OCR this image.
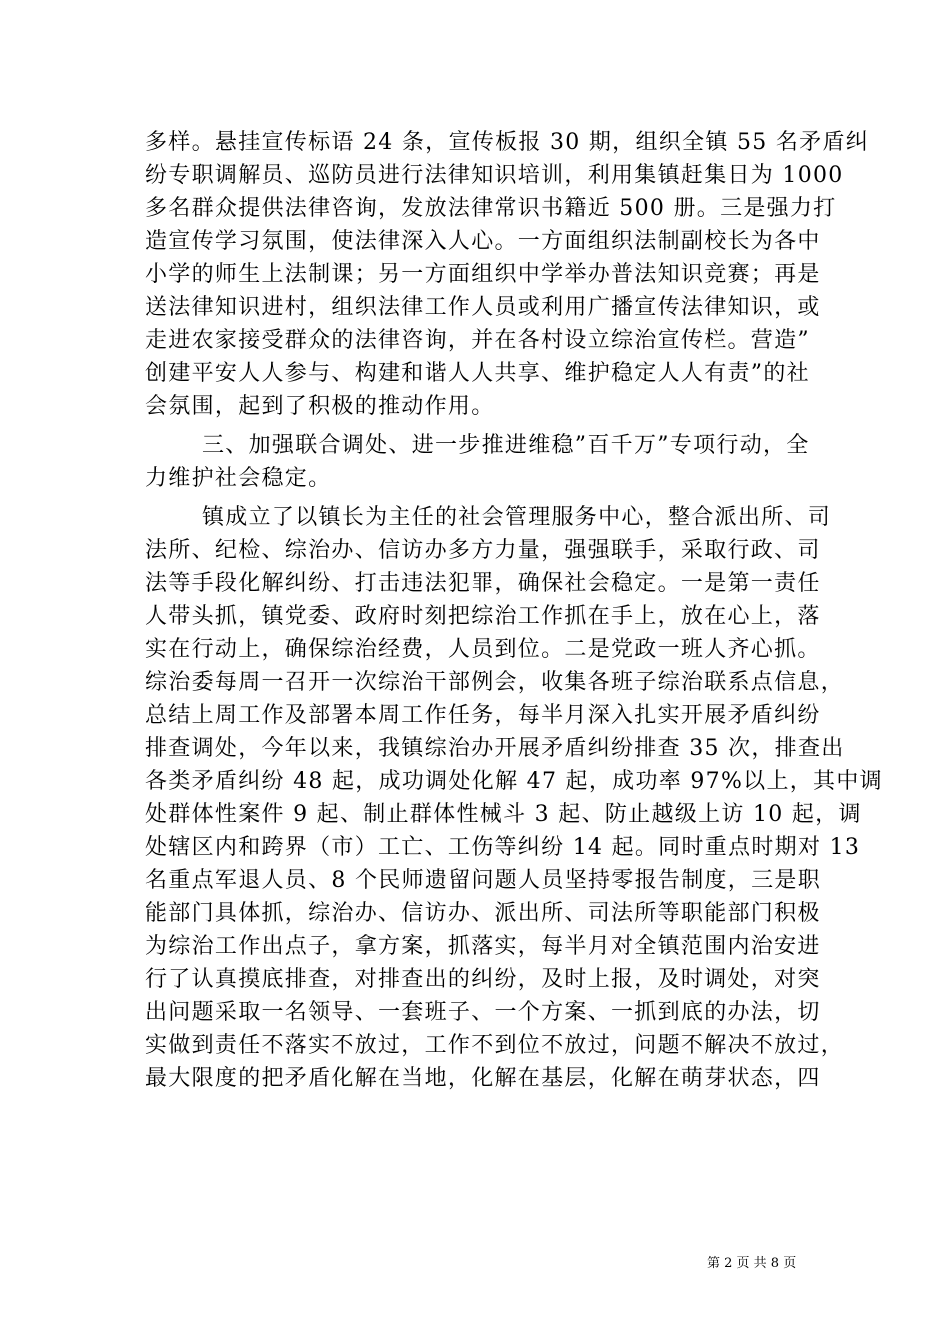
多样。悬挂宣传标语 24 条，宣传板报 30 期，组织全镇 55 名矛盾纠
纷专职调解员、巡防员进行法律知识培训，利用集镇赶集日为 1000
多名群众提供法律咨询，发放法律常识书籍近 500 册。三是强力打
造宣传学习氛围，使法律深入人心。一方面组织法制副校长为各中
小学的师生上法制课；另一方面组织中学举办普法知识竞赛；再是
送法律知识进村，组织法律工作人员或利用广播宣传法律知识，或
走进农家接受群众的法律咨询，并在各村设立综治宣传栏。营造”
创建平安人人参与、构建和谐人人共享、维护稳定人人有责”的社
会氛围，起到了积极的推动作用。
三、加强联合调处、进一步推进维稳”百千万”专项行动，全
力维护社会稳定。
镇成立了以镇长为主任的社会管理服务中心，整合派出所、司
法所、纪检、综治办、信访办多方力量，强强联手，采取行政、司
法等手段化解纠纷、打击违法犯罪，确保社会稳定。一是第一责任
人带头抓，镇党委、政府时刻把综治工作抓在手上，放在心上，落
实在行动上，确保综治经费，人员到位。二是党政一班人齐心抓。
综治委每周一召开一次综治干部例会，收集各班子综治联系点信息，
总结上周工作及部署本周工作任务，每半月深入扎实开展矛盾纠纷
排查调处，今年以来，我镇综治办开展矛盾纠纷排查 35 次，排查出
各类矛盾纠纷 48 起，成功调处化解 47 起，成功率 97%以上，其中调
处群体性案件 9 起、制止群体性械斗 3 起、防止越级上访 10 起，调
处辖区内和跨界（市）工亡、工伤等纠纷 14 起。同时重点时期对 13
名重点军退人员、8 个民师遗留问题人员坚持零报告制度，三是职
能部门具体抓，综治办、信访办、派出所、司法所等职能部门积极
为综治工作出点子，拿方案，抓落实，每半月对全镇范围内治安进
行了认真摸底排查，对排查出的纠纷，及时上报，及时调处，对突
出问题采取一名领导、一套班子、一个方案、一抓到底的办法，切
实做到责任不落实不放过，工作不到位不放过，问题不解决不放过，
最大限度的把矛盾化解在当地，化解在基层，化解在萌芽状态，四
第 2 页 共 8 页
